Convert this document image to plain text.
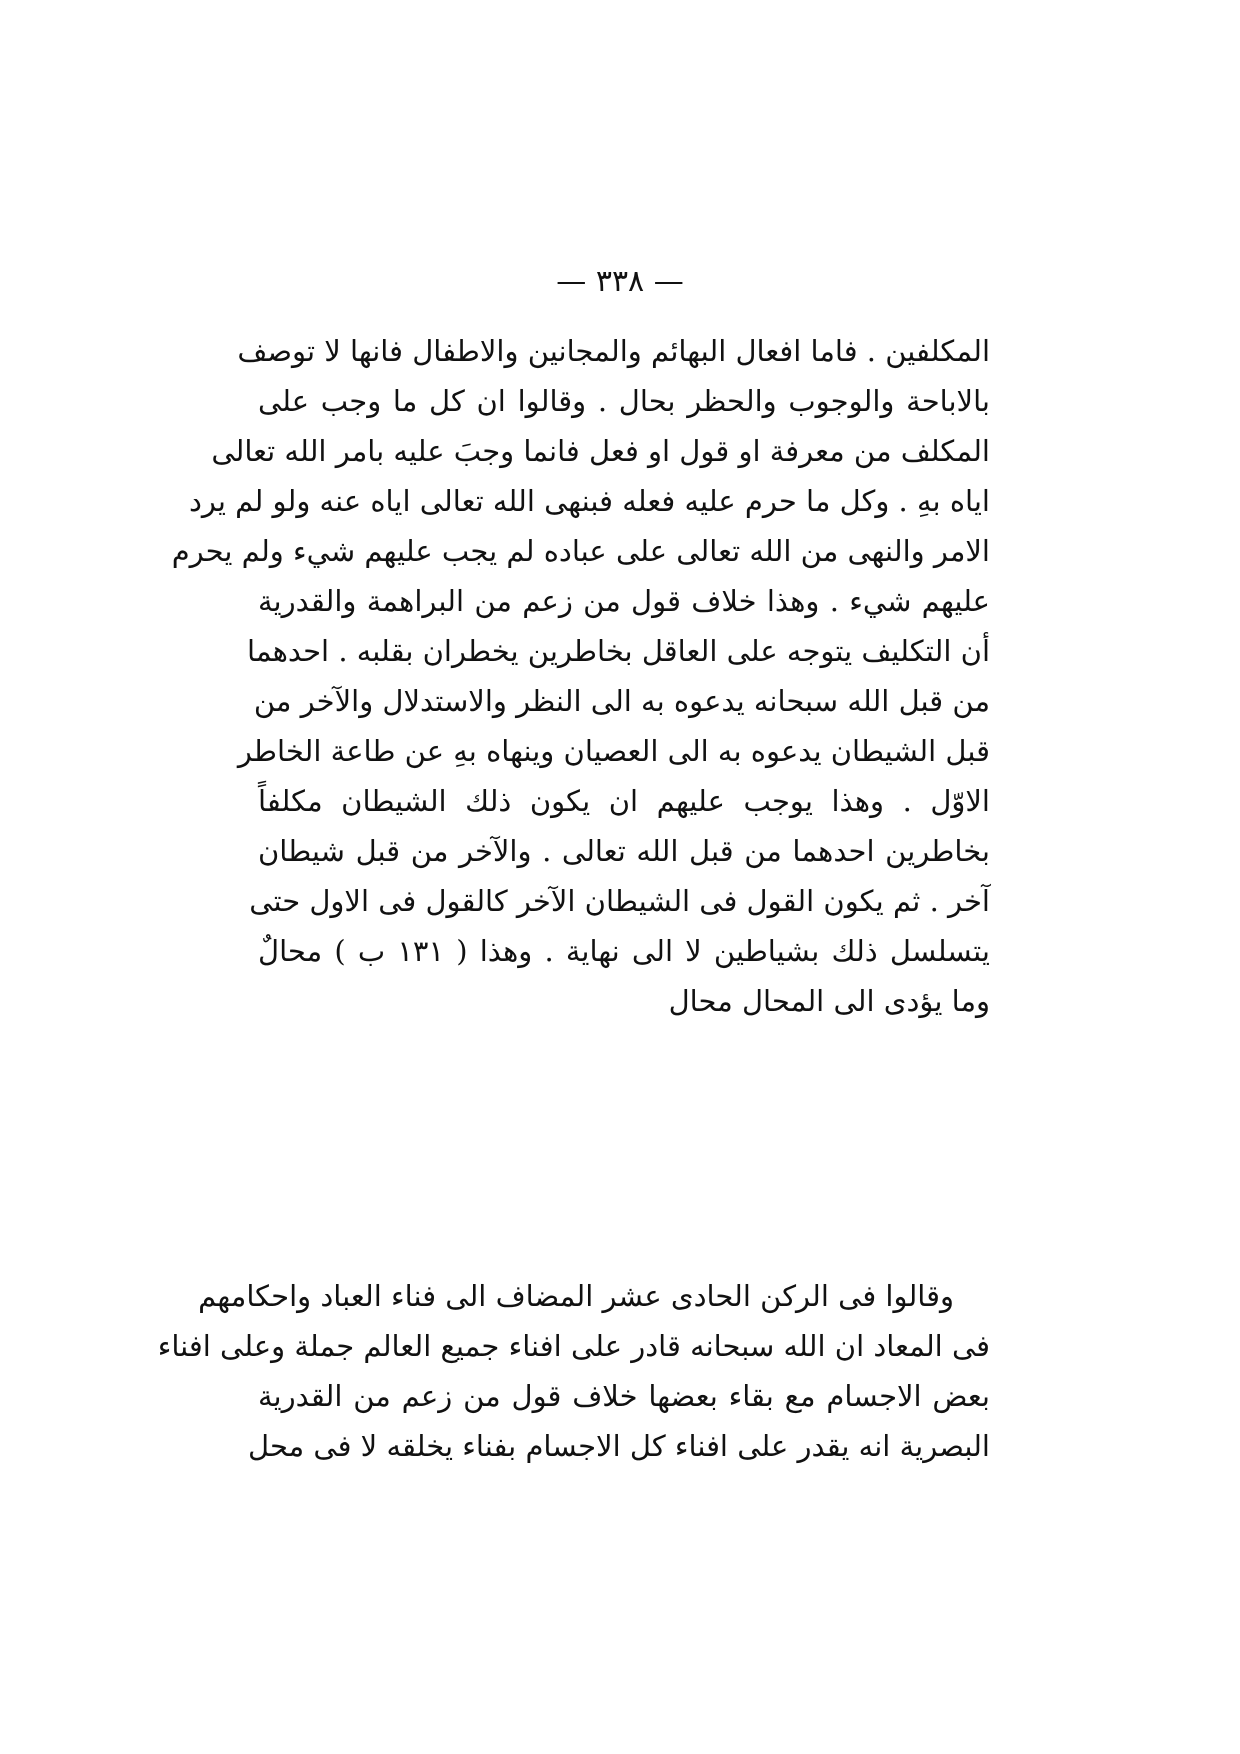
— ٣٣٨ —
المكلفين . فاما افعال البهائم والمجانين والاطفال فانها لا توصف
بالاباحة والوجوب والحظر بحال . وقالوا ان كل ما وجب على
المكلف من معرفة او قول او فعل فانما وجبَ عليه بامر الله تعالى
اياه بهِ . وكل ما حرم عليه فعله فبنهى الله تعالى اياه عنه ولو لم يرد
الامر والنهى من الله تعالى على عباده لم يجب عليهم شيء ولم يحرم
عليهم شيء . وهذا خلاف قول من زعم من البراهمة والقدرية
أن التكليف يتوجه على العاقل بخاطرين يخطران بقلبه . احدهما
من قبل الله سبحانه يدعوه به الى النظر والاستدلال والآخر من
قبل الشيطان يدعوه به الى العصيان وينهاه بهِ عن طاعة الخاطر
الاوّل . وهذا يوجب عليهم ان يكون ذلك الشيطان مكلفاً
بخاطرين احدهما من قبل الله تعالى . والآخر من قبل شيطان
آخر . ثم يكون القول فى الشيطان الآخر كالقول فى الاول حتى
يتسلسل ذلك بشياطين لا الى نهاية . وهذا ( ١٣١ ب ) محالٌ
وما يؤدى الى المحال محال
وقالوا فى الركن الحادى عشر المضاف الى فناء العباد واحكامهم
فى المعاد ان الله سبحانه قادر على افناء جميع العالم جملة وعلى افناء
بعض الاجسام مع بقاء بعضها خلاف قول من زعم من القدرية
البصرية انه يقدر على افناء كل الاجسام بفناء يخلقه لا فى محل
